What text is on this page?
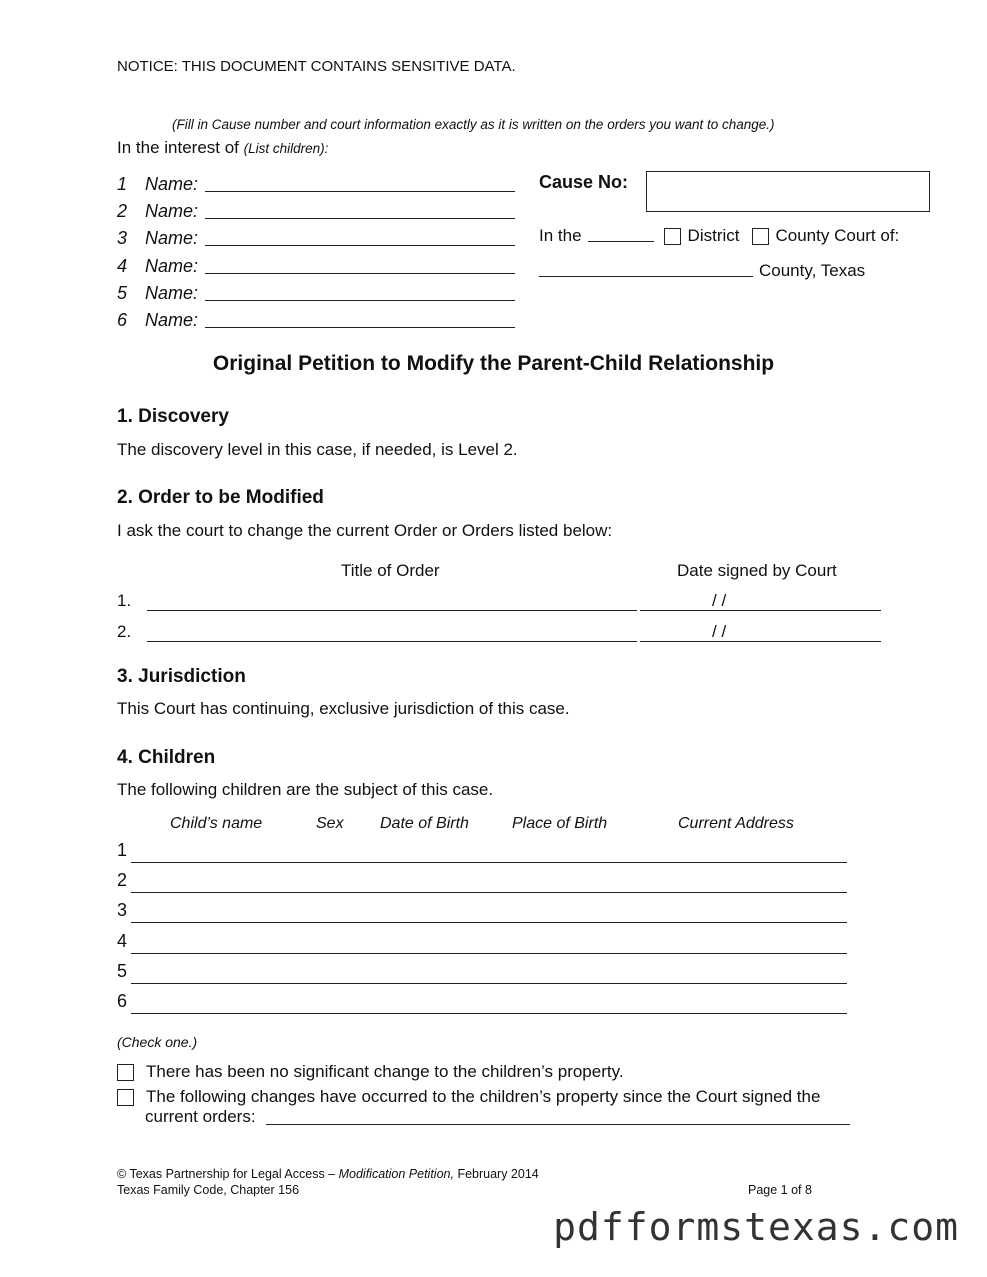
NOTICE: THIS DOCUMENT CONTAINS SENSITIVE DATA.
(Fill in Cause number and court information exactly as it is written on the orders you want to change.)
In the interest of (List children):
1 Name:
2 Name:
3 Name:
4 Name:
5 Name:
6 Name:
Cause No:
In the	District County Court of:
County, Texas
Original Petition to Modify the Parent-Child Relationship
1. Discovery
The discovery level in this case, if needed, is Level 2.
2. Order to be Modified
I ask the court to change the current Order or Orders listed below:
Title of Order	Date signed by Court
1.	/ /
2.	/ /
3. Jurisdiction
This Court has continuing, exclusive jurisdiction of this case.
4. Children
The following children are the subject of this case.
Child’s name	Sex Date of Birth	Place of Birth	Current Address
1
2
3
4
5
6
(Check one.)
There has been no significant change to the children’s property.
The following changes have occurred to the children’s property since the Court signed the
current orders:
© Texas Partnership for Legal Access – Modification Petition, February 2014
Texas Family Code, Chapter 156	Page 1 of 8
pdfformstexas.com
